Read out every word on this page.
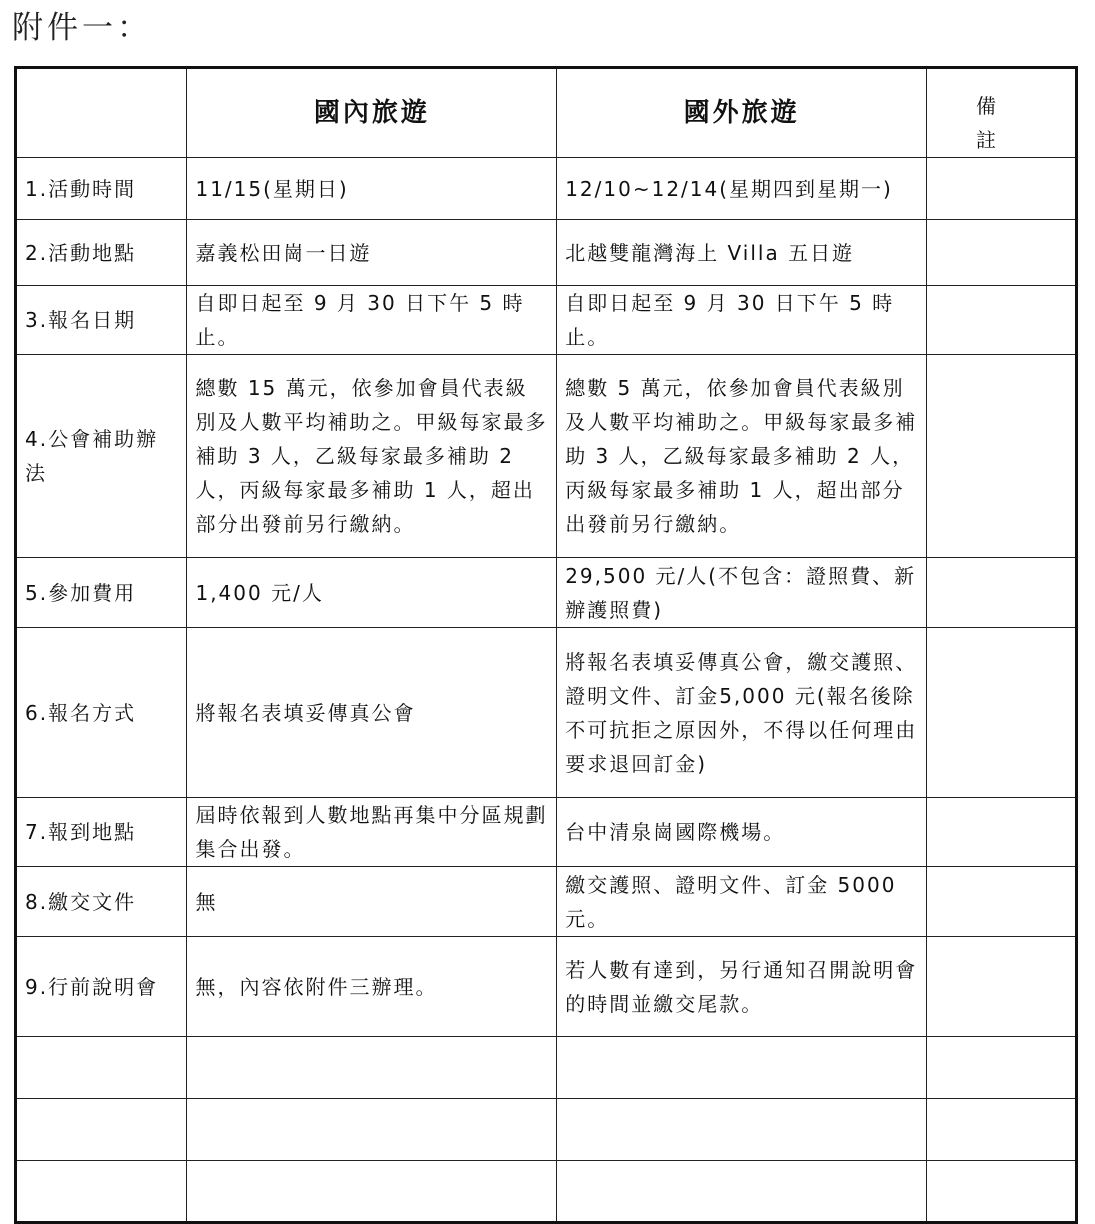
附件一：
	國內旅遊	國外旅遊	備 註
1.活動時間	11/15(星期日)	12/10~12/14(星期四到星期一)	
2.活動地點	嘉義松田崗一日遊	北越雙龍灣海上 Villa 五日遊	
3.報名日期	自即日起至 9 月 30 日下午 5 時止。	自即日起至 9 月 30 日下午 5 時止。	
4.公會補助辦法	總數 15 萬元，依參加會員代表級別及人數平均補助之。甲級每家最多補助 3 人，乙級每家最多補助 2 人，丙級每家最多補助 1 人，超出部分出發前另行繳納。	總數 5 萬元，依參加會員代表級別及人數平均補助之。甲級每家最多補助 3 人，乙級每家最多補助 2 人，丙級每家最多補助 1 人，超出部分出發前另行繳納。	
5.參加費用	1,400 元/人	29,500 元/人(不包含：證照費、新辦護照費)	
6.報名方式	將報名表填妥傳真公會	將報名表填妥傳真公會，繳交護照、證明文件、訂金5,000 元(報名後除不可抗拒之原因外，不得以任何理由要求退回訂金)	
7.報到地點	屆時依報到人數地點再集中分區規劃集合出發。	台中清泉崗國際機場。	
8.繳交文件	無	繳交護照、證明文件、訂金 5000 元。	
9.行前說明會	無，內容依附件三辦理。	若人數有達到，另行通知召開說明會的時間並繳交尾款。	
